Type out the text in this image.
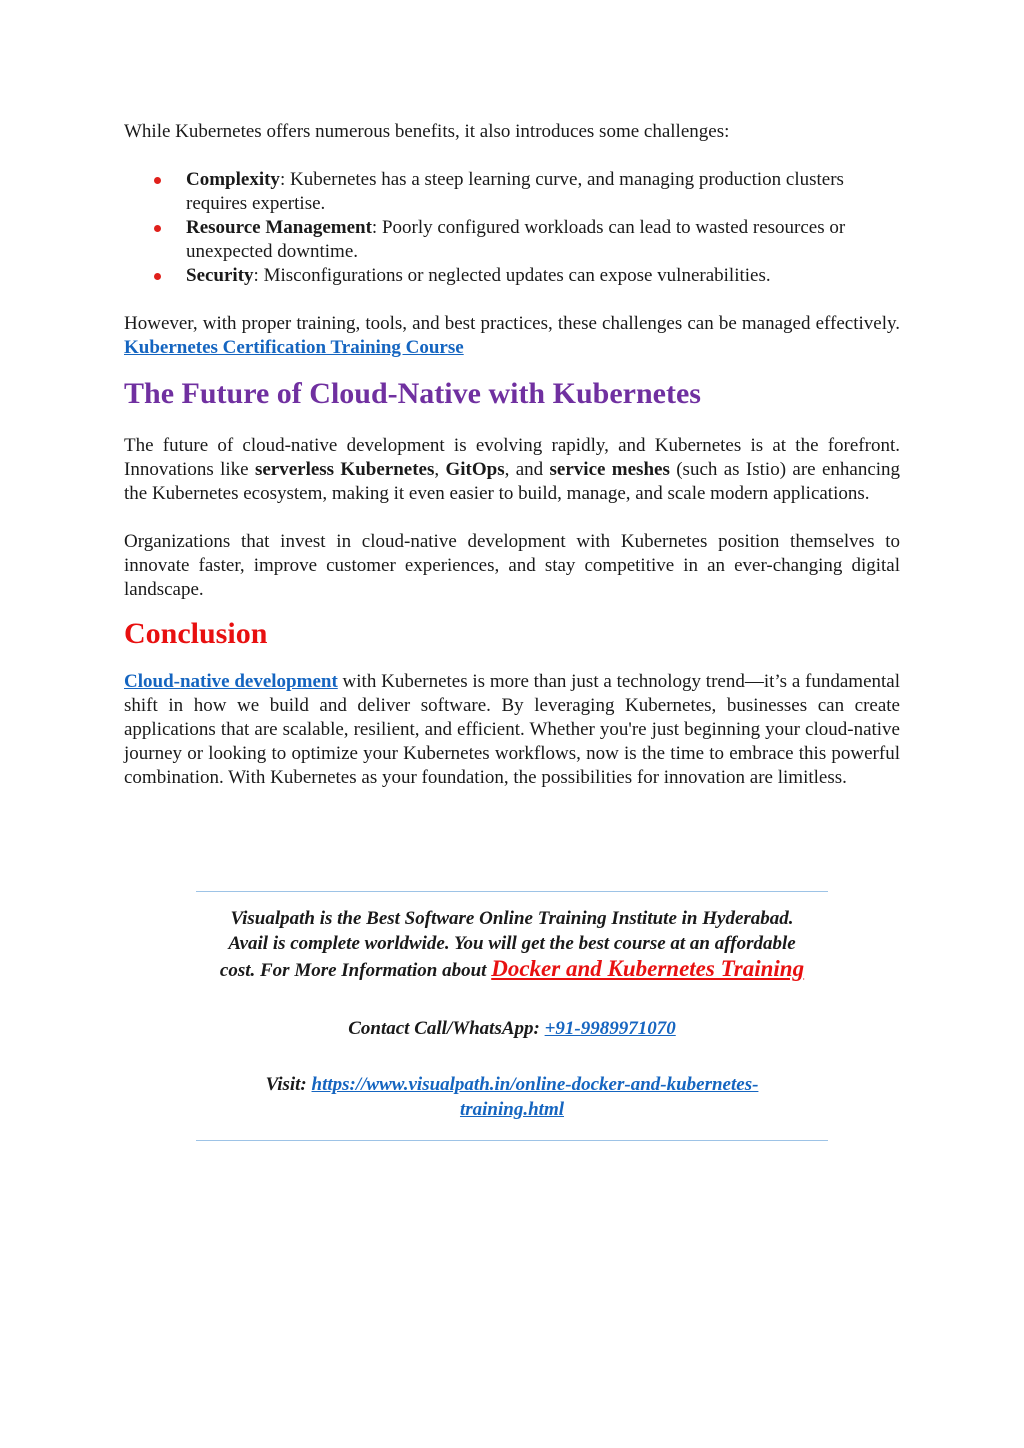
While Kubernetes offers numerous benefits, it also introduces some challenges:

Complexity: Kubernetes has a steep learning curve, and managing production clusters requires expertise.
Resource Management: Poorly configured workloads can lead to wasted resources or unexpected downtime.
Security: Misconfigurations or neglected updates can expose vulnerabilities.

However, with proper training, tools, and best practices, these challenges can be managed effectively. Kubernetes Certification Training Course

The Future of Cloud-Native with Kubernetes

The future of cloud-native development is evolving rapidly, and Kubernetes is at the forefront. Innovations like serverless Kubernetes, GitOps, and service meshes (such as Istio) are enhancing the Kubernetes ecosystem, making it even easier to build, manage, and scale modern applications.

Organizations that invest in cloud-native development with Kubernetes position themselves to innovate faster, improve customer experiences, and stay competitive in an ever-changing digital landscape.

Conclusion

Cloud-native development with Kubernetes is more than just a technology trend—it’s a fundamental shift in how we build and deliver software. By leveraging Kubernetes, businesses can create applications that are scalable, resilient, and efficient. Whether you're just beginning your cloud-native journey or looking to optimize your Kubernetes workflows, now is the time to embrace this powerful combination. With Kubernetes as your foundation, the possibilities for innovation are limitless.

Visualpath is the Best Software Online Training Institute in Hyderabad.
Avail is complete worldwide. You will get the best course at an affordable
cost. For More Information about Docker and Kubernetes Training

Contact Call/WhatsApp: +91-9989971070

Visit: https://www.visualpath.in/online-docker-and-kubernetes-
training.html
